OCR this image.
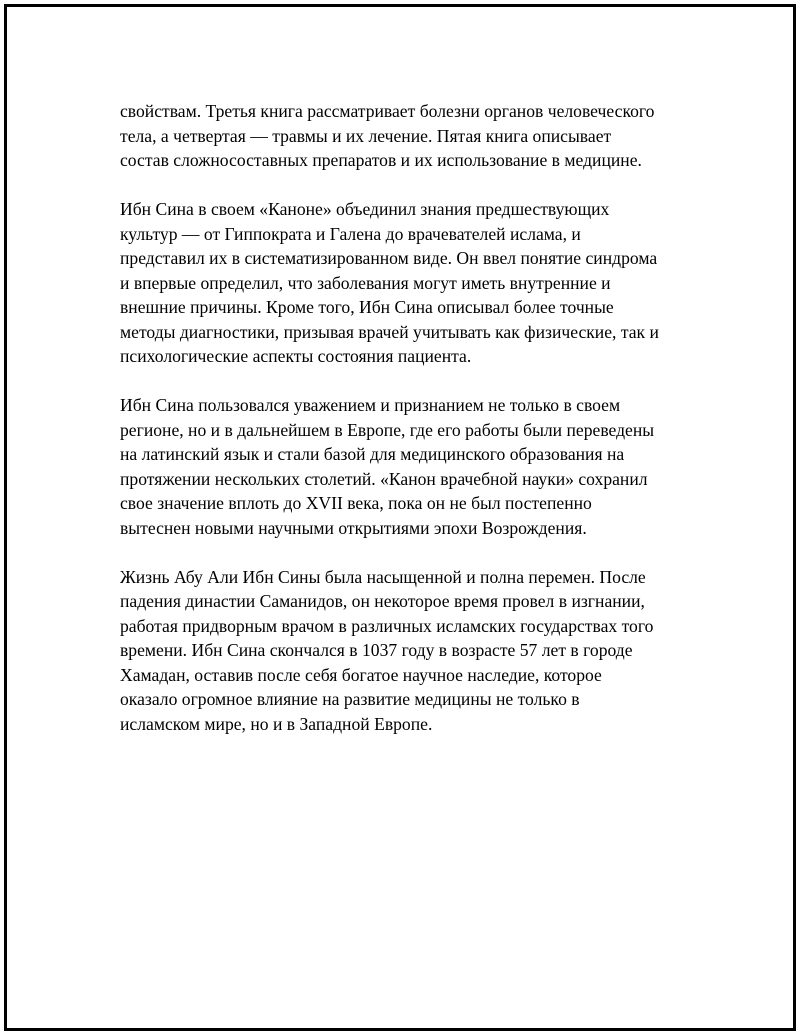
свойствам. Третья книга рассматривает болезни органов человеческого
тела, а четвертая — травмы и их лечение. Пятая книга описывает
состав сложносоставных препаратов и их использование в медицине.

Ибн Сина в своем «Каноне» объединил знания предшествующих
культур — от Гиппократа и Галена до врачевателей ислама, и
представил их в систематизированном виде. Он ввел понятие синдрома
и впервые определил, что заболевания могут иметь внутренние и
внешние причины. Кроме того, Ибн Сина описывал более точные
методы диагностики, призывая врачей учитывать как физические, так и
психологические аспекты состояния пациента.

Ибн Сина пользовался уважением и признанием не только в своем
регионе, но и в дальнейшем в Европе, где его работы были переведены
на латинский язык и стали базой для медицинского образования на
протяжении нескольких столетий. «Канон врачебной науки» сохранил
свое значение вплоть до XVII века, пока он не был постепенно
вытеснен новыми научными открытиями эпохи Возрождения.

Жизнь Абу Али Ибн Сины была насыщенной и полна перемен. После
падения династии Саманидов, он некоторое время провел в изгнании,
работая придворным врачом в различных исламских государствах того
времени. Ибн Сина скончался в 1037 году в возрасте 57 лет в городе
Хамадан, оставив после себя богатое научное наследие, которое
оказало огромное влияние на развитие медицины не только в
исламском мире, но и в Западной Европе.
